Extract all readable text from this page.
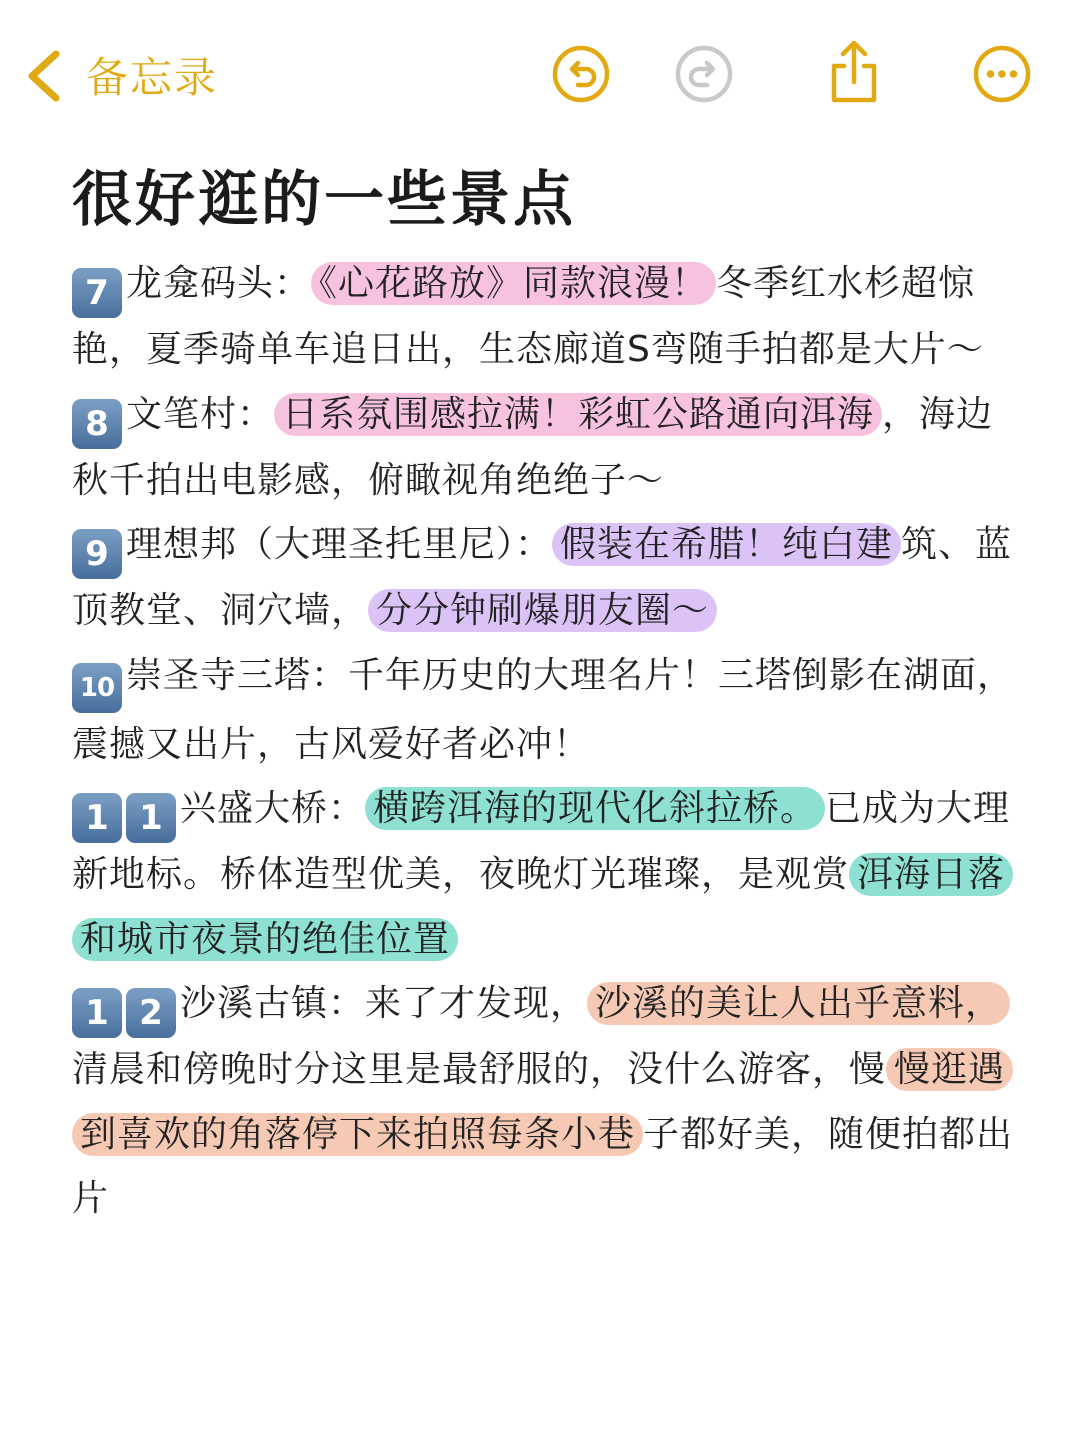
备忘录
很好逛的一些景点

7 龙龛码头： 《心花路放》同款浪漫！ 冬季红水杉超惊艳，夏季骑单车追日出，生态廊道S弯随手拍都是大片～

8 文笔村： 日系氛围感拉满！彩虹公路通向洱海 ，海边秋千拍出电影感，俯瞰视角绝绝子～

9 理想邦（大理圣托里尼）： 假装在希腊！纯白建 筑、蓝顶教堂、洞穴墙， 分分钟刷爆朋友圈～

10 崇圣寺三塔：千年历史的大理名片！三塔倒影在湖面，震撼又出片，古风爱好者必冲！

1 1 兴盛大桥： 横跨洱海的现代化斜拉桥。 已成为大理新地标。桥体造型优美，夜晚灯光璀璨，是观赏 洱海日落和城市夜景的绝佳位置

1 2 沙溪古镇：来了才发现， 沙溪的美让人出乎意料，清晨和傍晚时分这里是最舒服的，没什么游客，慢 慢逛遇到喜欢的角落停下来拍照每条小巷 子都好美，随便拍都出片
